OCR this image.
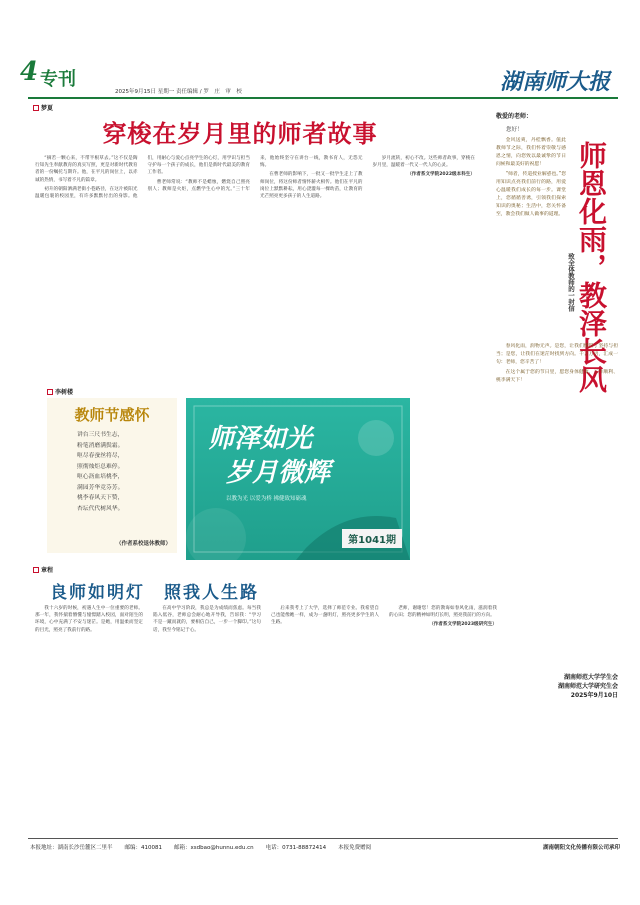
4 专刊
2025年9月15日 星期一 责任编辑 / 罗　庄　审　校	湖南师大报
梦夏
穿梭在岁月里的师者故事

“摘若一颗心来，不带半根草去。”这不仅是陶行知先生奉献教育的真实写照，更是对新时代教育者的一份嘱托与期许。他，在平凡的岗位上，以赤诚的热情，书写着不凡的篇章。

初升的朝阳洒满老街小巷路径，在这片被阳光温暖包裹的校园里，有许多默默付出的身影。他们，用耐心与爱心点亮学生的心灯，用学识与担当守护每一个孩子的成长，他们是新时代最美的教育工作者。

曹老师常说：“教师不是蜡烛，燃烧自己照亮别人；教师是火炬，点燃学生心中的光。”三十年来，他始终坚守在讲台一线，教书育人，无怨无悔。

在曹老师的影响下，一批又一批学生走上了教师岗位，将这份师者情怀薪火相传。他们在平凡的岗位上默默耕耘，用心浇灌每一棵幼苗，让教育的光芒照亮更多孩子的人生道路。

岁月流转，初心不改。这些师者故事，穿梭在岁月里，温暖着一代又一代人的心灵。

（作者系文学院2022级本科生）

李树楼
教师节感怀
讲台三尺书生志，
粉笔消磨满鬓霜。
呕尽春蚕丝将尽，
照彻烛炬总难停。
呕心沥血培桃李，
满园芳华竞芬芳。
桃李春风天下赞，
杏坛代代树风华。
（作者系校退休教师）
师泽如光
岁月微辉
以教为光 以爱为桥 拂健致知砺魂
第1041期
敬爱的老师：
您好！

金风送爽，丹桂飘香。值此教师节之际，我们怀着崇敬与感恩之情，向您致以最诚挚的节日问候和最美好的祝愿！

“师者，传道授业解惑也。”您用知识点亮我们前行的路，用爱心温暖我们成长的每一步。课堂上，您循循善诱，引领我们探索知识的奥秘；生活中，您关怀备至，教会我们做人做事的道理。 师恩化雨，教泽长风
致全体教师的一封信

春风化雨，润物无声。是您，让我们懂得了坚持与担当；是您，让我们在迷茫时找到方向。千言万语，汇成一句：老师，您辛苦了！

在这个属于您的节日里，愿您身体健康、工作顺利、桃李满天下！

湖南师范大学学生会
湖南师范大学研究生会
2025年9月10日
章程
良师如明灯　照我人生路

我十六岁的时候，初遇人生中一位重要的老师。那一年，我怀揣着懵懂与憧憬踏入校园，面对陌生的环境，心中充满了不安与迷茫。是她，用温柔而坚定的目光，照亮了我前行的路。

在高中学习阶段，我总是为成绩而焦虑。每当我陷入低谷，老师总会耐心地开导我，告诉我：“学习不是一蹴而就的，要相信自己，一步一个脚印。”这句话，我至今铭记于心。

后来我考上了大学，选择了师范专业。我希望自己也能像她一样，成为一盏明灯，照亮更多学生的人生路。

老师，谢谢您！您的教诲如春风化雨，滋润着我的心田；您的精神如明灯长明，照亮我前行的方向。

（作者系文学院2023级研究生）

本报地址：湖南长沙岳麓区二里半 邮编：410081 邮箱：xsdbao@hunnu.edu.cn 电话：0731-88872414 本报免费赠阅	湖南朝阳文化传播有限公司承印
